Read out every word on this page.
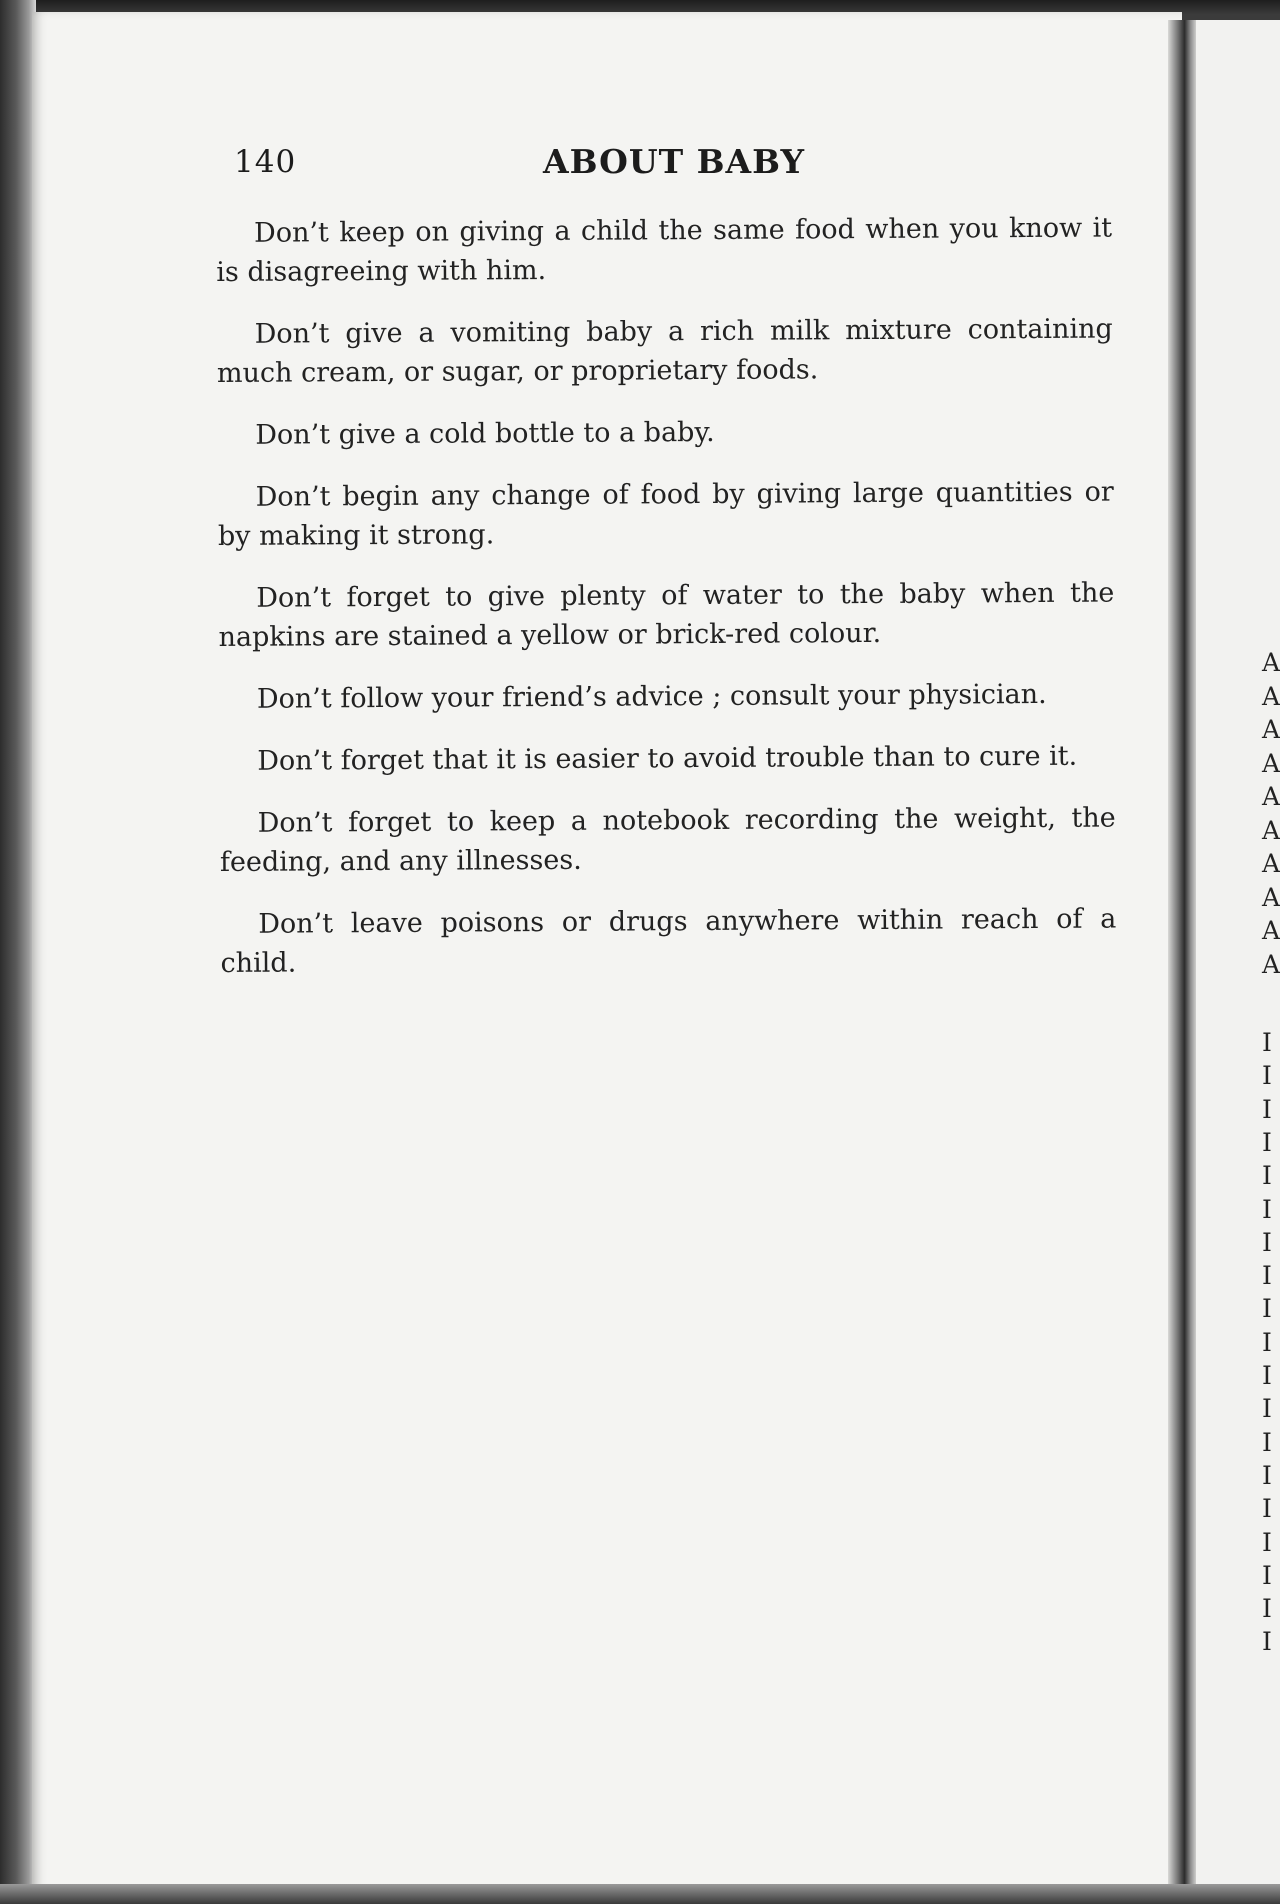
140	ABOUT BABY

Don’t keep on giving a child the same food when you know it is disagreeing with him.

Don’t give a vomiting baby a rich milk mixture containing much cream, or sugar, or proprietary foods.

Don’t give a cold bottle to a baby.

Don’t begin any change of food by giving large quantities or by making it strong.

Don’t forget to give plenty of water to the baby when the napkins are stained a yellow or brick-red colour.

Don’t follow your friend’s advice ; consult your physician.

Don’t forget that it is easier to avoid trouble than to cure it.

Don’t forget to keep a notebook recording the weight, the feeding, and any illnesses.

Don’t leave poisons or drugs anywhere within reach of a child.

A
A
A
A
A
A
A
A
A
A
I
I
I
I
I
I
I
I
I
I
I
I
I
I
I
I
I
I
I
